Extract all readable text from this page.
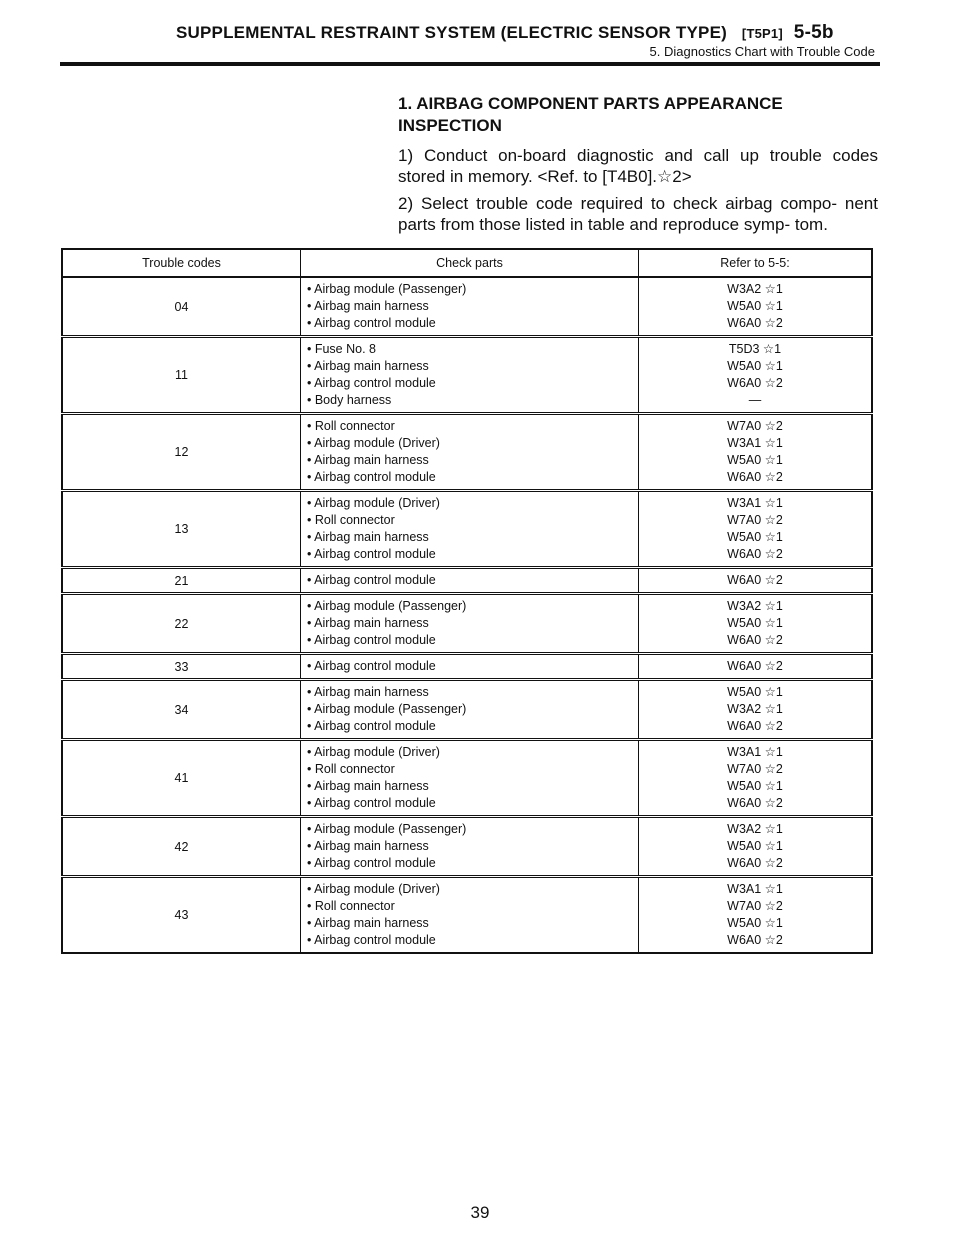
SUPPLEMENTAL RESTRAINT SYSTEM (ELECTRIC SENSOR TYPE) [T5P1] 5-5b
5. Diagnostics Chart with Trouble Code
1. AIRBAG COMPONENT PARTS APPEARANCE INSPECTION

1) Conduct on-board diagnostic and call up trouble codes stored in memory. <Ref. to [T4B0].☆2>

2) Select trouble code required to check airbag compo- nent parts from those listed in table and reproduce symp- tom.

Trouble codes	Check parts	Refer to 5-5:
04	• Airbag module (Passenger)
• Airbag main harness
• Airbag control module	W3A2 ☆1
W5A0 ☆1
W6A0 ☆2

11	• Fuse No. 8
• Airbag main harness
• Airbag control module
• Body harness	T5D3 ☆1
W5A0 ☆1
W6A0 ☆2
—

12	• Roll connector
• Airbag module (Driver)
• Airbag main harness
• Airbag control module	W7A0 ☆2
W3A1 ☆1
W5A0 ☆1
W6A0 ☆2

13	• Airbag module (Driver)
• Roll connector
• Airbag main harness
• Airbag control module	W3A1 ☆1
W7A0 ☆2
W5A0 ☆1
W6A0 ☆2

21	• Airbag control module	W6A0 ☆2

22	• Airbag module (Passenger)
• Airbag main harness
• Airbag control module	W3A2 ☆1
W5A0 ☆1
W6A0 ☆2

33	• Airbag control module	W6A0 ☆2

34	• Airbag main harness
• Airbag module (Passenger)
• Airbag control module	W5A0 ☆1
W3A2 ☆1
W6A0 ☆2

41	• Airbag module (Driver)
• Roll connector
• Airbag main harness
• Airbag control module	W3A1 ☆1
W7A0 ☆2
W5A0 ☆1
W6A0 ☆2

42	• Airbag module (Passenger)
• Airbag main harness
• Airbag control module	W3A2 ☆1
W5A0 ☆1
W6A0 ☆2

43	• Airbag module (Driver)
• Roll connector
• Airbag main harness
• Airbag control module	W3A1 ☆1
W7A0 ☆2
W5A0 ☆1
W6A0 ☆2
39
